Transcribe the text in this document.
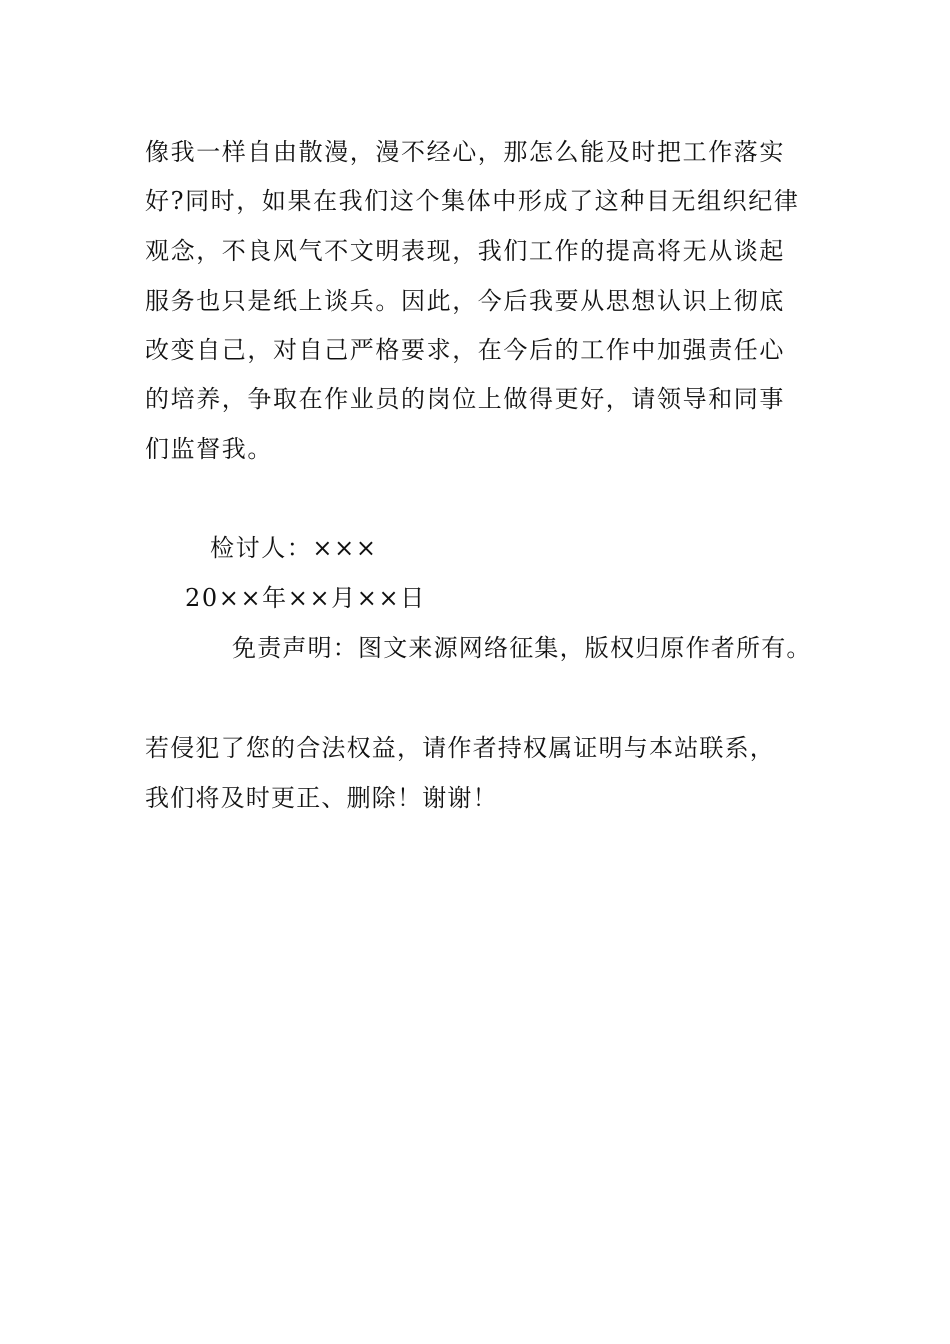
像我一样自由散漫，漫不经心，那怎么能及时把工作落实
好?同时，如果在我们这个集体中形成了这种目无组织纪律
观念，不良风气不文明表现，我们工作的提高将无从谈起
服务也只是纸上谈兵。因此，今后我要从思想认识上彻底
改变自己，对自己严格要求，在今后的工作中加强责任心
的培养，争取在作业员的岗位上做得更好，请领导和同事
们监督我。
检讨人：×××
20××年××月××日
免责声明：图文来源网络征集，版权归原作者所有。
若侵犯了您的合法权益，请作者持权属证明与本站联系，
我们将及时更正、删除！谢谢！
